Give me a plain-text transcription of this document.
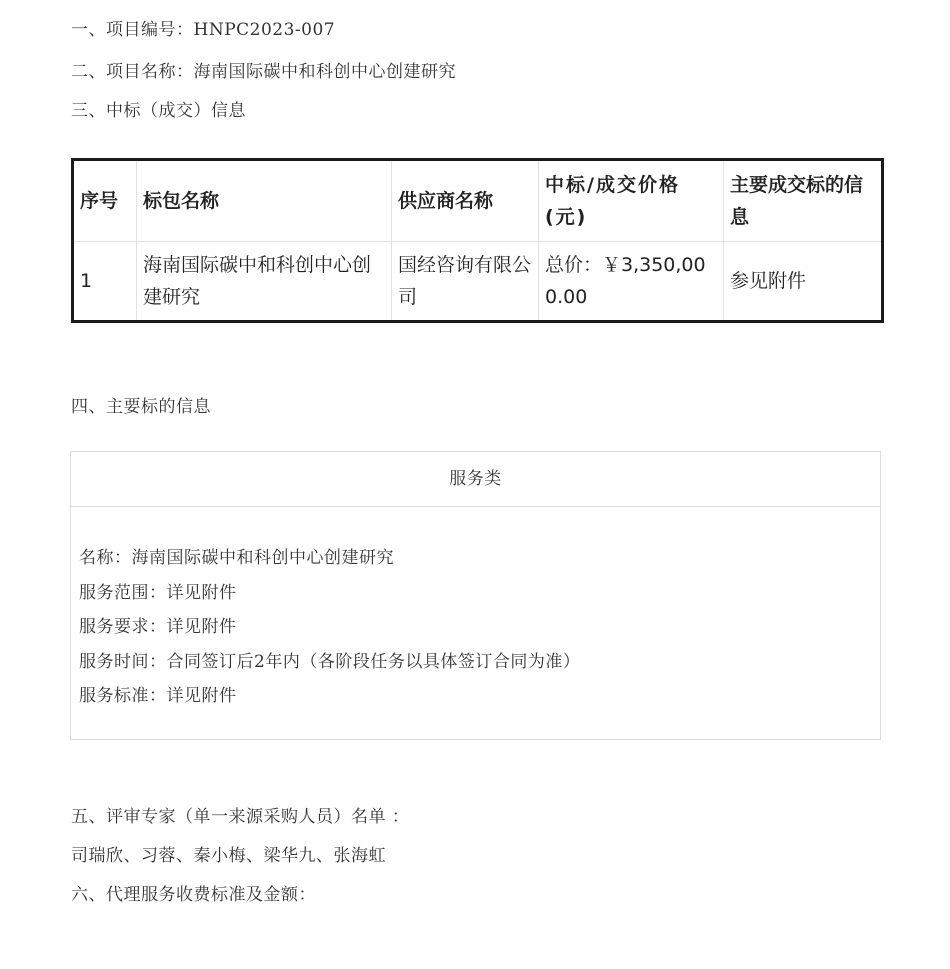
一、项目编号：HNPC2023-007
二、项目名称：海南国际碳中和科创中心创建研究
三、中标（成交）信息
序号	标包名称	供应商名称	中标/成交价格(元)	主要成交标的信息
1	海南国际碳中和科创中心创建研究	国经咨询有限公司	总价：￥3,350,000.00	参见附件
四、主要标的信息
服务类
名称：海南国际碳中和科创中心创建研究
服务范围：详见附件
服务要求：详见附件
服务时间：合同签订后2年内（各阶段任务以具体签订合同为准）
服务标准：详见附件
五、评审专家（单一来源采购人员）名单 ：
司瑞欣、习蓉、秦小梅、梁华九、张海虹
六、代理服务收费标准及金额：
